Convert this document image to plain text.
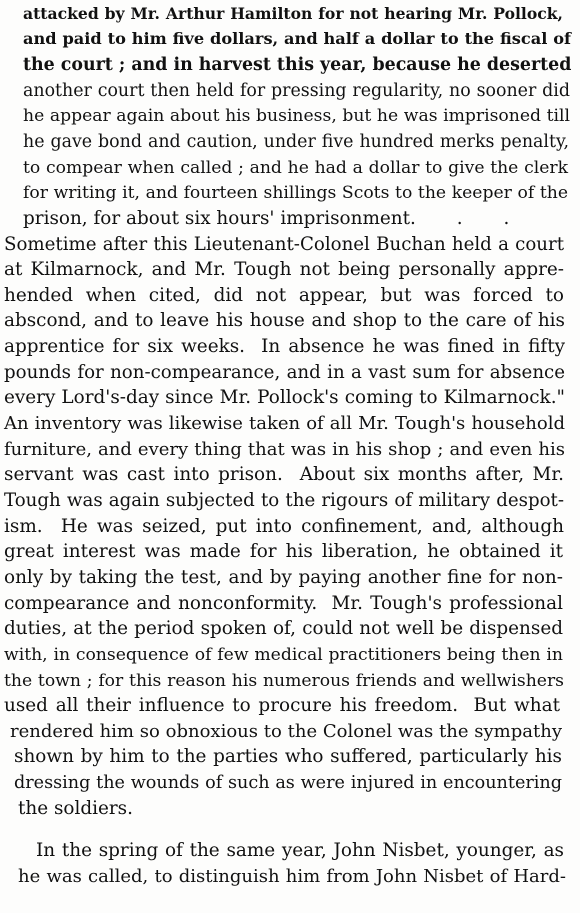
attacked by Mr. Arthur Hamilton for not hearing Mr. Pollock,
and paid to him five dollars, and half a dollar to the fiscal of
the court ; and in harvest this year, because he deserted
another court then held for pressing regularity, no sooner did
he appear again about his business, but he was imprisoned till
he gave bond and caution, under five hundred merks penalty,
to compear when called ; and he had a dollar to give the clerk
for writing it, and fourteen shillings Scots to the keeper of the
prison, for about six hours' imprisonment.       .       .
Sometime after this Lieutenant-Colonel Buchan held a court
at Kilmarnock, and Mr. Tough not being personally appre-
hended when cited, did not appear, but was forced to
abscond, and to leave his house and shop to the care of his
apprentice for six weeks.  In absence he was fined in fifty
pounds for non-compearance, and in a vast sum for absence
every Lord's-day since Mr. Pollock's coming to Kilmarnock."
An inventory was likewise taken of all Mr. Tough's household
furniture, and every thing that was in his shop ; and even his
servant was cast into prison.  About six months after, Mr.
Tough was again subjected to the rigours of military despot-
ism.  He was seized, put into confinement, and, although
great interest was made for his liberation, he obtained it
only by taking the test, and by paying another fine for non-
compearance and nonconformity.  Mr. Tough's professional
duties, at the period spoken of, could not well be dispensed
with, in consequence of few medical practitioners being then in
the town ; for this reason his numerous friends and wellwishers
used all their influence to procure his freedom.  But what
rendered him so obnoxious to the Colonel was the sympathy
shown by him to the parties who suffered, particularly his
dressing the wounds of such as were injured in encountering
the soldiers.
In the spring of the same year, John Nisbet, younger, as
he was called, to distinguish him from John Nisbet of Hard-
